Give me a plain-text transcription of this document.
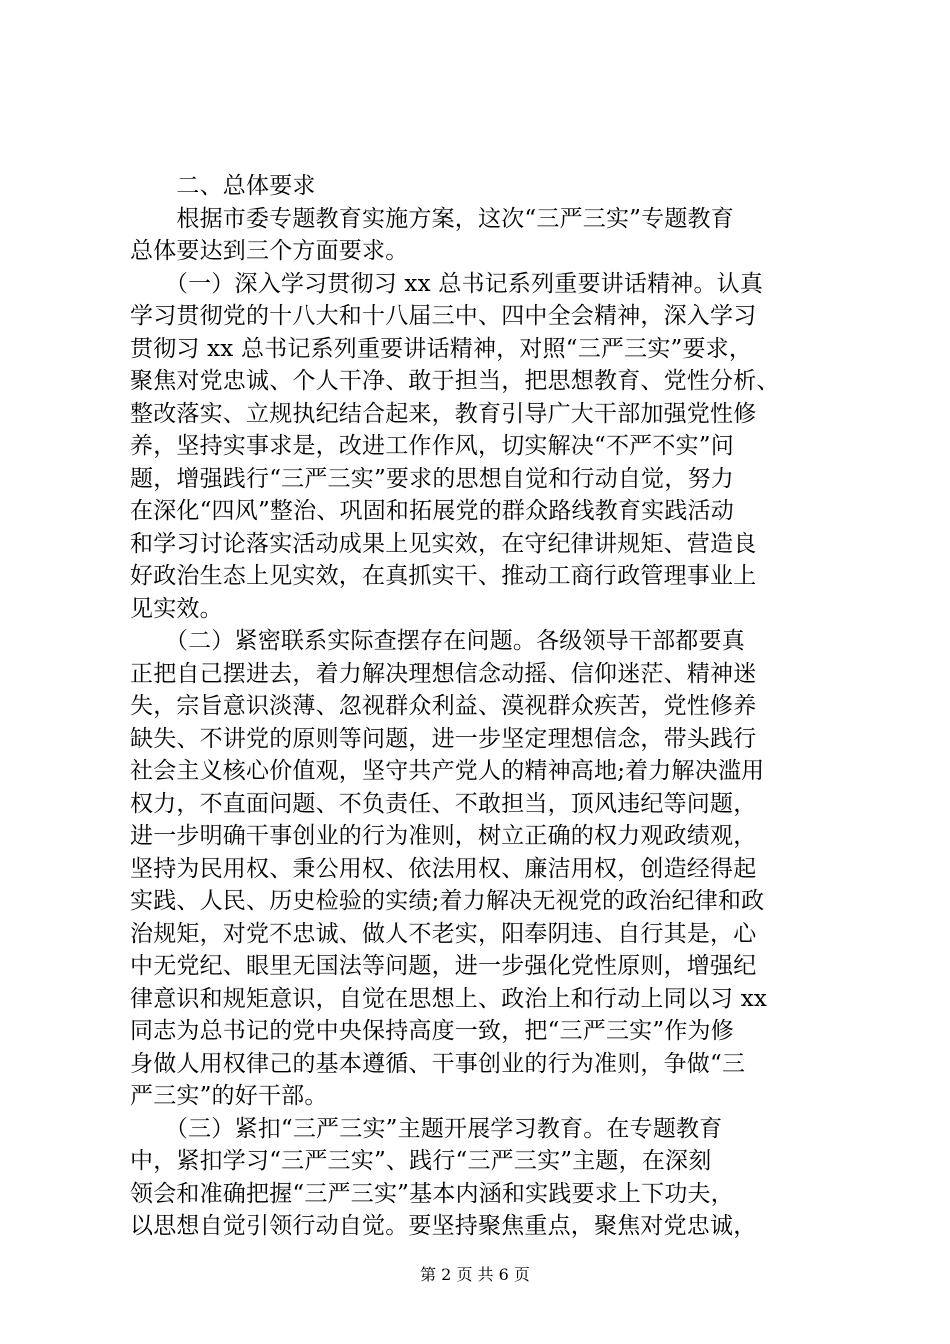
　　二、总体要求
　　根据市委专题教育实施方案，这次“三严三实”专题教育
总体要达到三个方面要求。
　　（一）深入学习贯彻习 xx 总书记系列重要讲话精神。认真
学习贯彻党的十八大和十八届三中、四中全会精神，深入学习
贯彻习 xx 总书记系列重要讲话精神，对照“三严三实”要求，
聚焦对党忠诚、个人干净、敢于担当，把思想教育、党性分析、
整改落实、立规执纪结合起来，教育引导广大干部加强党性修
养，坚持实事求是，改进工作作风，切实解决“不严不实”问
题，增强践行“三严三实”要求的思想自觉和行动自觉，努力
在深化“四风”整治、巩固和拓展党的群众路线教育实践活动
和学习讨论落实活动成果上见实效，在守纪律讲规矩、营造良
好政治生态上见实效，在真抓实干、推动工商行政管理事业上
见实效。
　　（二）紧密联系实际查摆存在问题。各级领导干部都要真
正把自己摆进去，着力解决理想信念动摇、信仰迷茫、精神迷
失，宗旨意识淡薄、忽视群众利益、漠视群众疾苦，党性修养
缺失、不讲党的原则等问题，进一步坚定理想信念，带头践行
社会主义核心价值观，坚守共产党人的精神高地;着力解决滥用
权力，不直面问题、不负责任、不敢担当，顶风违纪等问题，
进一步明确干事创业的行为准则，树立正确的权力观政绩观，
坚持为民用权、秉公用权、依法用权、廉洁用权，创造经得起
实践、人民、历史检验的实绩;着力解决无视党的政治纪律和政
治规矩，对党不忠诚、做人不老实，阳奉阴违、自行其是，心
中无党纪、眼里无国法等问题，进一步强化党性原则，增强纪
律意识和规矩意识，自觉在思想上、政治上和行动上同以习 xx
同志为总书记的党中央保持高度一致，把“三严三实”作为修
身做人用权律己的基本遵循、干事创业的行为准则，争做“三
严三实”的好干部。
　　（三）紧扣“三严三实”主题开展学习教育。在专题教育
中，紧扣学习“三严三实”、践行“三严三实”主题，在深刻
领会和准确把握“三严三实”基本内涵和实践要求上下功夫，
以思想自觉引领行动自觉。要坚持聚焦重点，聚焦对党忠诚，
第 2 页 共 6 页
